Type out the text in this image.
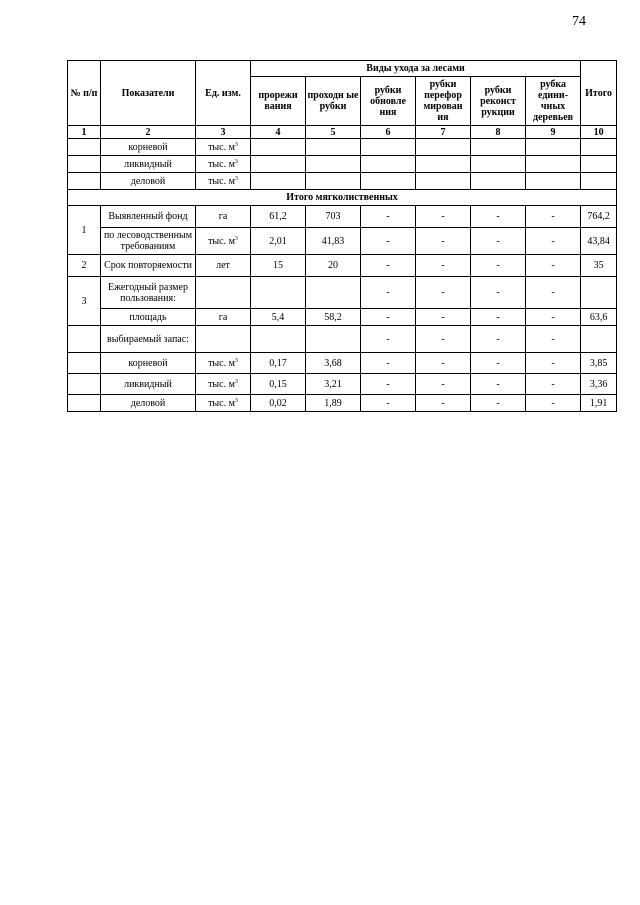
74
№ п/п	Показатели	Ед. изм.	Виды ухода за лесами						Итого
			прорежи вания	проходн ые рубки	рубки обновле ния	рубки перефор мирован ия	рубки реконст рукции	рубка едини- чных деревьев	
1	2	3	4	5	6	7	8	9	10
	корневой	тыс. $м^3$							
	ликвидный	тыс. $м^3$							
	деловой	тыс. $м^3$							
Итого мягколиственных									
1	Выявленный фонд	га	61,2	703	-	-	-	-	764,2
	по лесоводственным требованиям	тыс. $м^3$	2,01	41,83	-	-	-	-	43,84
2	Срок повторяемости	лет	15	20	-	-	-	-	35
3	Ежегодный размер пользования:				-	-	-	-	
	площадь	га	5,4	58,2	-	-	-	-	63,6
	выбираемый запас:				-	-	-	-	
	корневой	тыс. $м^3$	0,17	3,68	-	-	-	-	3,85
	ликвидный	тыс. $м^3$	0,15	3,21	-	-	-	-	3,36
	деловой	тыс. $м^3$	0,02	1,89	-	-	-	-	1,91
